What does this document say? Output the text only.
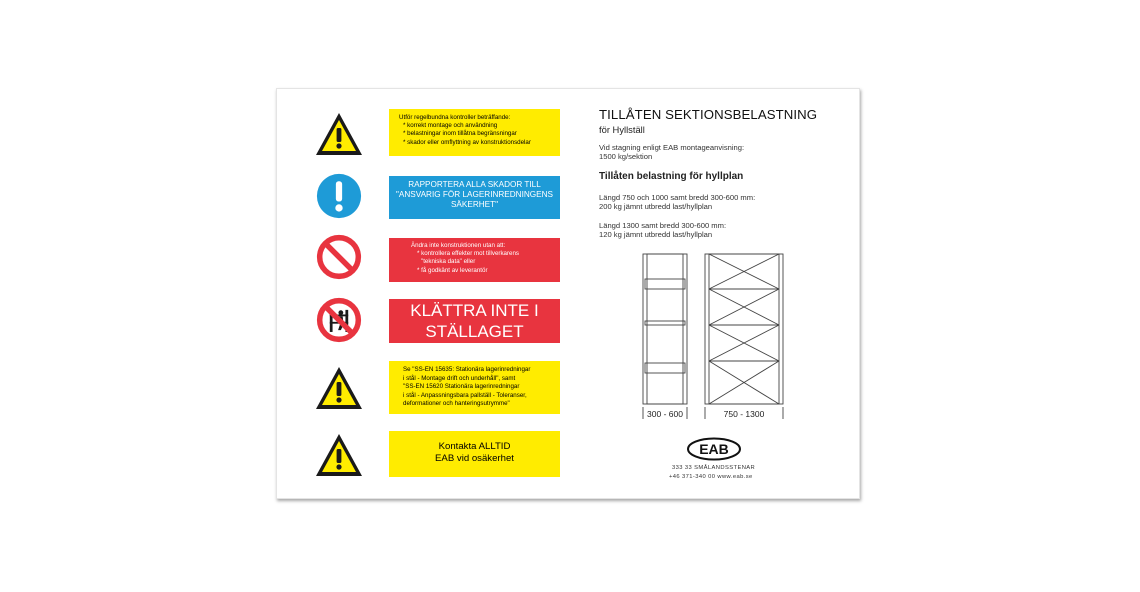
Utför regelbundna kontroller beträffande:
* korrekt montage och användning
* belastningar inom tillåtna begränsningar
* skador eller omflyttning av konstruktionsdelar
RAPPORTERA ALLA SKADOR TILL
"ANSVARIG FÖR LAGERINREDNINGENS
SÄKERHET"
Ändra inte konstruktionen utan att:
* kontrollera effekter mot tillverkarens
"tekniska data" eller
* få godkänt av leverantör
KLÄTTRA INTE I
STÄLLAGET
Se "SS-EN 15635: Stationära lagerinredningar
i stål - Montage drift och underhåll", samt
"SS-EN 15620 Stationära lagerinredningar
i stål - Anpassningsbara pallställ - Toleranser,
deformationer och hanteringsutrymme"
Kontakta ALLTID
EAB vid osäkerhet
TILLÅTEN SEKTIONSBELASTNING
för Hyllställ
Vid stagning enligt EAB montageanvisning:
1500 kg/sektion
Tillåten belastning för hyllplan
Längd 750 och 1000 samt bredd 300-600 mm:
200 kg jämnt utbredd last/hyllplan
Längd 1300 samt bredd 300-600 mm:
120 kg jämnt utbredd last/hyllplan
300 - 600	750 - 1300
EAB
333 33 SMÅLANDSSTENAR
+46 371-340 00 www.eab.se
